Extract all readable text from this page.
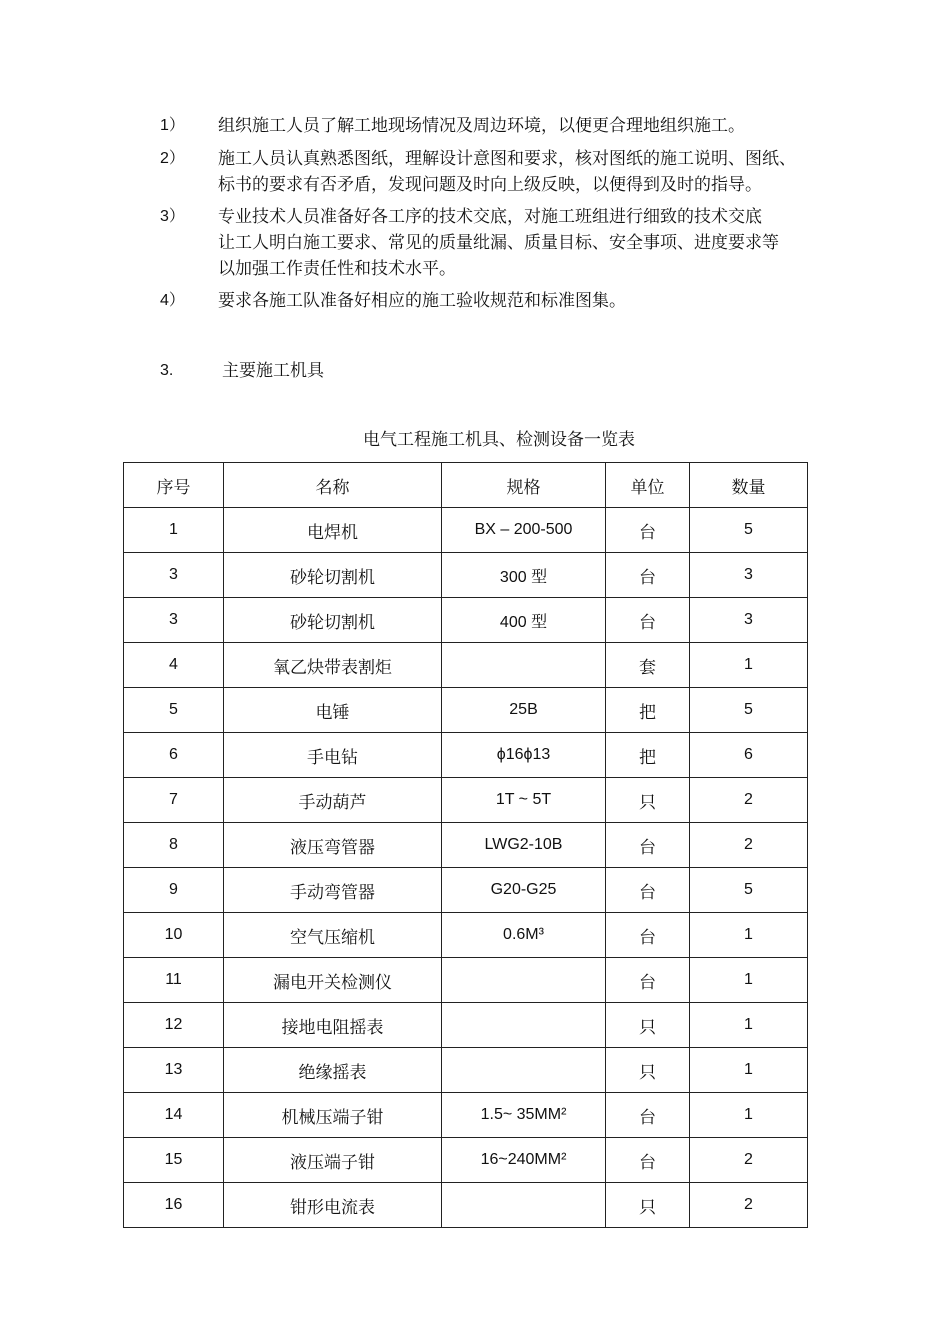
1） 组织施工人员了解工地现场情况及周边环境，以便更合理地组织施工。
2） 施工人员认真熟悉图纸，理解设计意图和要求，核对图纸的施工说明、图纸、
标书的要求有否矛盾，发现问题及时向上级反映，以便得到及时的指导。
3） 专业技术人员准备好各工序的技术交底，对施工班组进行细致的技术交底
让工人明白施工要求、常见的质量纰漏、质量目标、安全事项、进度要求等
以加强工作责任性和技术水平。
4） 要求各施工队准备好相应的施工验收规范和标准图集。
3.	主要施工机具
电气工程施工机具、检测设备一览表
序号	名称	规格	单位	数量
1	电焊机	BX – 200-500	台	5
3	砂轮切割机	300 型	台	3
3	砂轮切割机	400 型	台	3
4	氧乙炔带表割炬		套	1
5	电锤	25B	把	5
6	手电钻	ϕ16ϕ13	把	6
7	手动葫芦	1T ~ 5T	只	2
8	液压弯管器	LWG2-10B	台	2
9	手动弯管器	G20-G25	台	5
10	空气压缩机	0.6M³	台	1
11	漏电开关检测仪		台	1
12	接地电阻摇表		只	1
13	绝缘摇表		只	1
14	机械压端子钳	1.5~ 35MM²	台	1
15	液压端子钳	16~240MM²	台	2
16	钳形电流表		只	2
